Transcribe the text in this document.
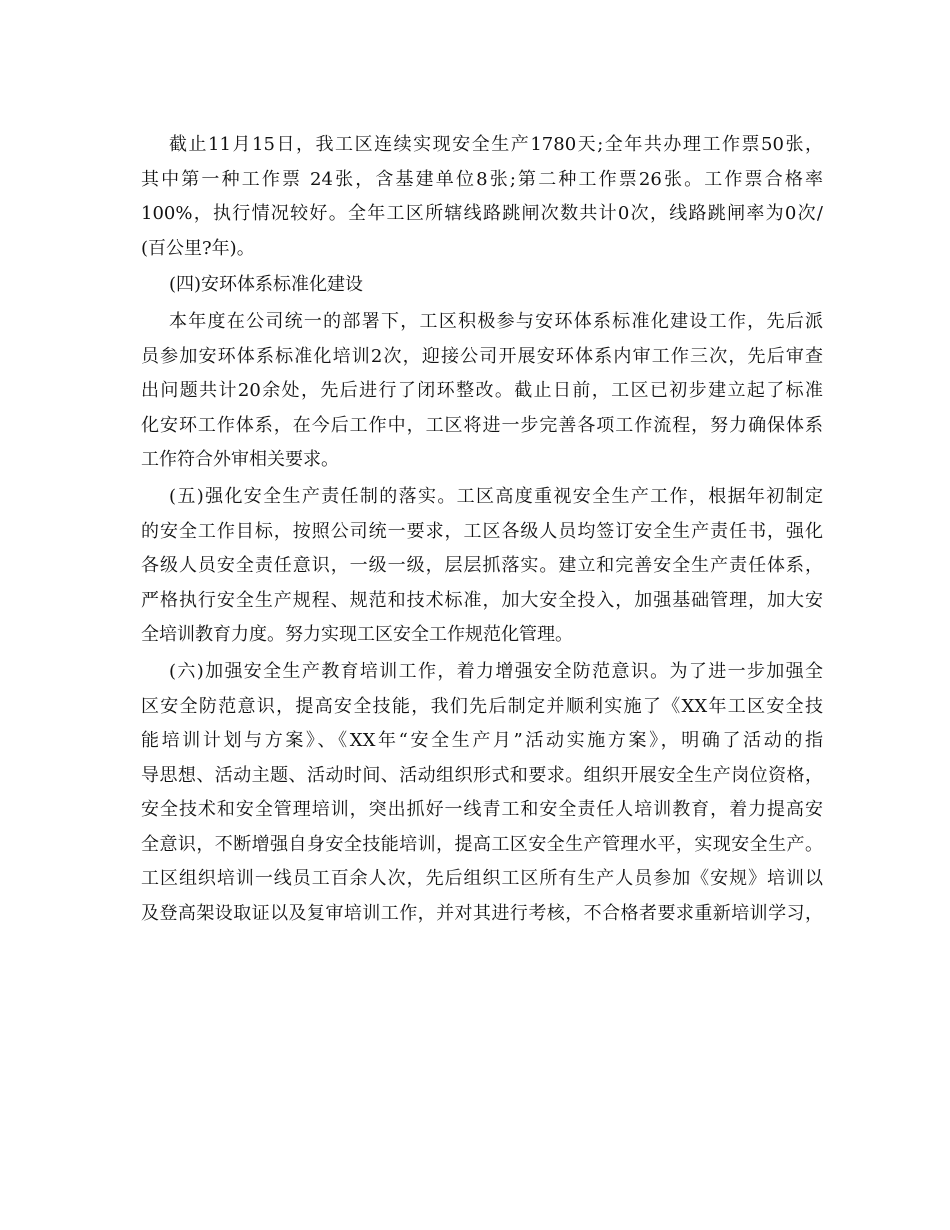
截止11月15日，我工区连续实现安全生产1780天;全年共办理工作票50张，
其中第一种工作票 24张，含基建单位8张;第二种工作票26张。工作票合格率
100%，执行情况较好。全年工区所辖线路跳闸次数共计0次，线路跳闸率为0次/
(百公里?年)。
(四)安环体系标准化建设
本年度在公司统一的部署下，工区积极参与安环体系标准化建设工作，先后派
员参加安环体系标准化培训2次，迎接公司开展安环体系内审工作三次，先后审查
出问题共计20余处，先后进行了闭环整改。截止日前，工区已初步建立起了标准
化安环工作体系，在今后工作中，工区将进一步完善各项工作流程，努力确保体系
工作符合外审相关要求。
(五)强化安全生产责任制的落实。工区高度重视安全生产工作，根据年初制定
的安全工作目标，按照公司统一要求，工区各级人员均签订安全生产责任书，强化
各级人员安全责任意识，一级一级，层层抓落实。建立和完善安全生产责任体系，
严格执行安全生产规程、规范和技术标准，加大安全投入，加强基础管理，加大安
全培训教育力度。努力实现工区安全工作规范化管理。
(六)加强安全生产教育培训工作，着力增强安全防范意识。为了进一步加强全
区安全防范意识，提高安全技能，我们先后制定并顺利实施了《XX年工区安全技
能培训计划与方案》、《XX年“安全生产月”活动实施方案》，明确了活动的指
导思想、活动主题、活动时间、活动组织形式和要求。组织开展安全生产岗位资格，
安全技术和安全管理培训，突出抓好一线青工和安全责任人培训教育，着力提高安
全意识，不断增强自身安全技能培训，提高工区安全生产管理水平，实现安全生产。
工区组织培训一线员工百余人次，先后组织工区所有生产人员参加《安规》培训以
及登高架设取证以及复审培训工作，并对其进行考核，不合格者要求重新培训学习，
